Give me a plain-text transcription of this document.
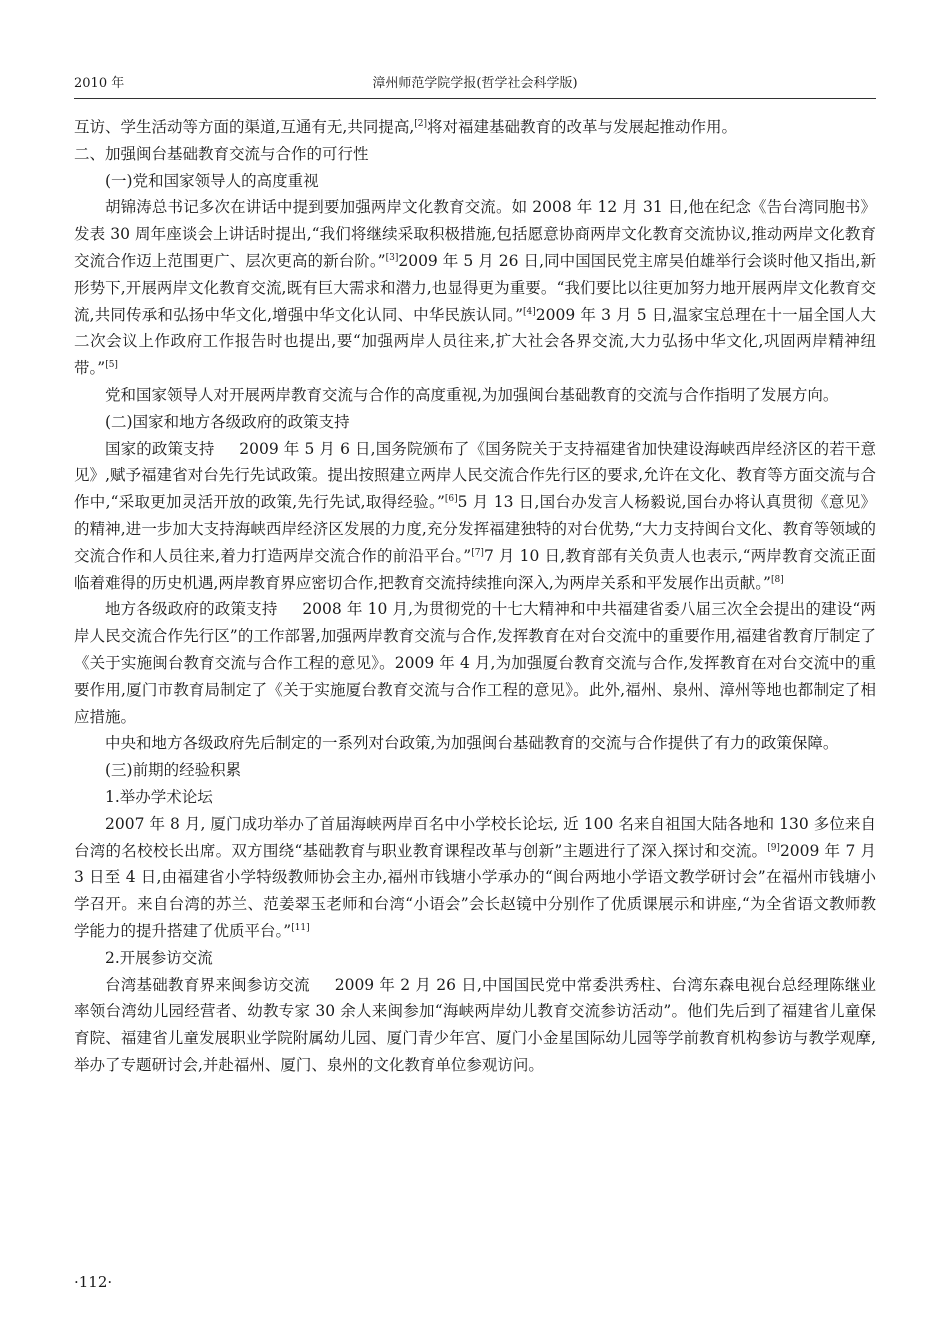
2010 年	漳州师范学院学报(哲学社会科学版)

互访、学生活动等方面的渠道,互通有无,共同提高,[2]将对福建基础教育的改革与发展起推动作用。

二、加强闽台基础教育交流与合作的可行性

(一)党和国家领导人的高度重视

胡锦涛总书记多次在讲话中提到要加强两岸文化教育交流。如 2008 年 12 月 31 日,他在纪念《告台湾同胞书》发表 30 周年座谈会上讲话时提出,“我们将继续采取积极措施,包括愿意协商两岸文化教育交流协议,推动两岸文化教育交流合作迈上范围更广、层次更高的新台阶。”[3]2009 年 5 月 26 日,同中国国民党主席吴伯雄举行会谈时他又指出,新形势下,开展两岸文化教育交流,既有巨大需求和潜力,也显得更为重要。“我们要比以往更加努力地开展两岸文化教育交流,共同传承和弘扬中华文化,增强中华文化认同、中华民族认同。”[4]2009 年 3 月 5 日,温家宝总理在十一届全国人大二次会议上作政府工作报告时也提出,要“加强两岸人员往来,扩大社会各界交流,大力弘扬中华文化,巩固两岸精神纽带。”[5]

党和国家领导人对开展两岸教育交流与合作的高度重视,为加强闽台基础教育的交流与合作指明了发展方向。

(二)国家和地方各级政府的政策支持

国家的政策支持 2009 年 5 月 6 日,国务院颁布了《国务院关于支持福建省加快建设海峡西岸经济区的若干意见》,赋予福建省对台先行先试政策。提出按照建立两岸人民交流合作先行区的要求,允许在文化、教育等方面交流与合作中,“采取更加灵活开放的政策,先行先试,取得经验。”[6]5 月 13 日,国台办发言人杨毅说,国台办将认真贯彻《意见》的精神,进一步加大支持海峡西岸经济区发展的力度,充分发挥福建独特的对台优势,“大力支持闽台文化、教育等领域的交流合作和人员往来,着力打造两岸交流合作的前沿平台。”[7]7 月 10 日,教育部有关负责人也表示,“两岸教育交流正面临着难得的历史机遇,两岸教育界应密切合作,把教育交流持续推向深入,为两岸关系和平发展作出贡献。”[8]

地方各级政府的政策支持 2008 年 10 月,为贯彻党的十七大精神和中共福建省委八届三次全会提出的建设“两岸人民交流合作先行区”的工作部署,加强两岸教育交流与合作,发挥教育在对台交流中的重要作用,福建省教育厅制定了《关于实施闽台教育交流与合作工程的意见》。2009 年 4 月,为加强厦台教育交流与合作,发挥教育在对台交流中的重要作用,厦门市教育局制定了《关于实施厦台教育交流与合作工程的意见》。此外,福州、泉州、漳州等地也都制定了相应措施。

中央和地方各级政府先后制定的一系列对台政策,为加强闽台基础教育的交流与合作提供了有力的政策保障。

(三)前期的经验积累

1.举办学术论坛

2007 年 8 月, 厦门成功举办了首届海峡两岸百名中小学校长论坛, 近 100 名来自祖国大陆各地和 130 多位来自台湾的名校校长出席。双方围绕“基础教育与职业教育课程改革与创新”主题进行了深入探讨和交流。[9]2009 年 7 月 3 日至 4 日,由福建省小学特级教师协会主办,福州市钱塘小学承办的“闽台两地小学语文教学研讨会”在福州市钱塘小学召开。来自台湾的苏兰、范姜翠玉老师和台湾“小语会”会长赵镜中分别作了优质课展示和讲座,“为全省语文教师教学能力的提升搭建了优质平台。”[11]

2.开展参访交流

台湾基础教育界来闽参访交流 2009 年 2 月 26 日,中国国民党中常委洪秀柱、台湾东森电视台总经理陈继业率领台湾幼儿园经营者、幼教专家 30 余人来闽参加“海峡两岸幼儿教育交流参访活动”。他们先后到了福建省儿童保育院、福建省儿童发展职业学院附属幼儿园、厦门青少年宫、厦门小金星国际幼儿园等学前教育机构参访与教学观摩,举办了专题研讨会,并赴福州、厦门、泉州的文化教育单位参观访问。

·112·
